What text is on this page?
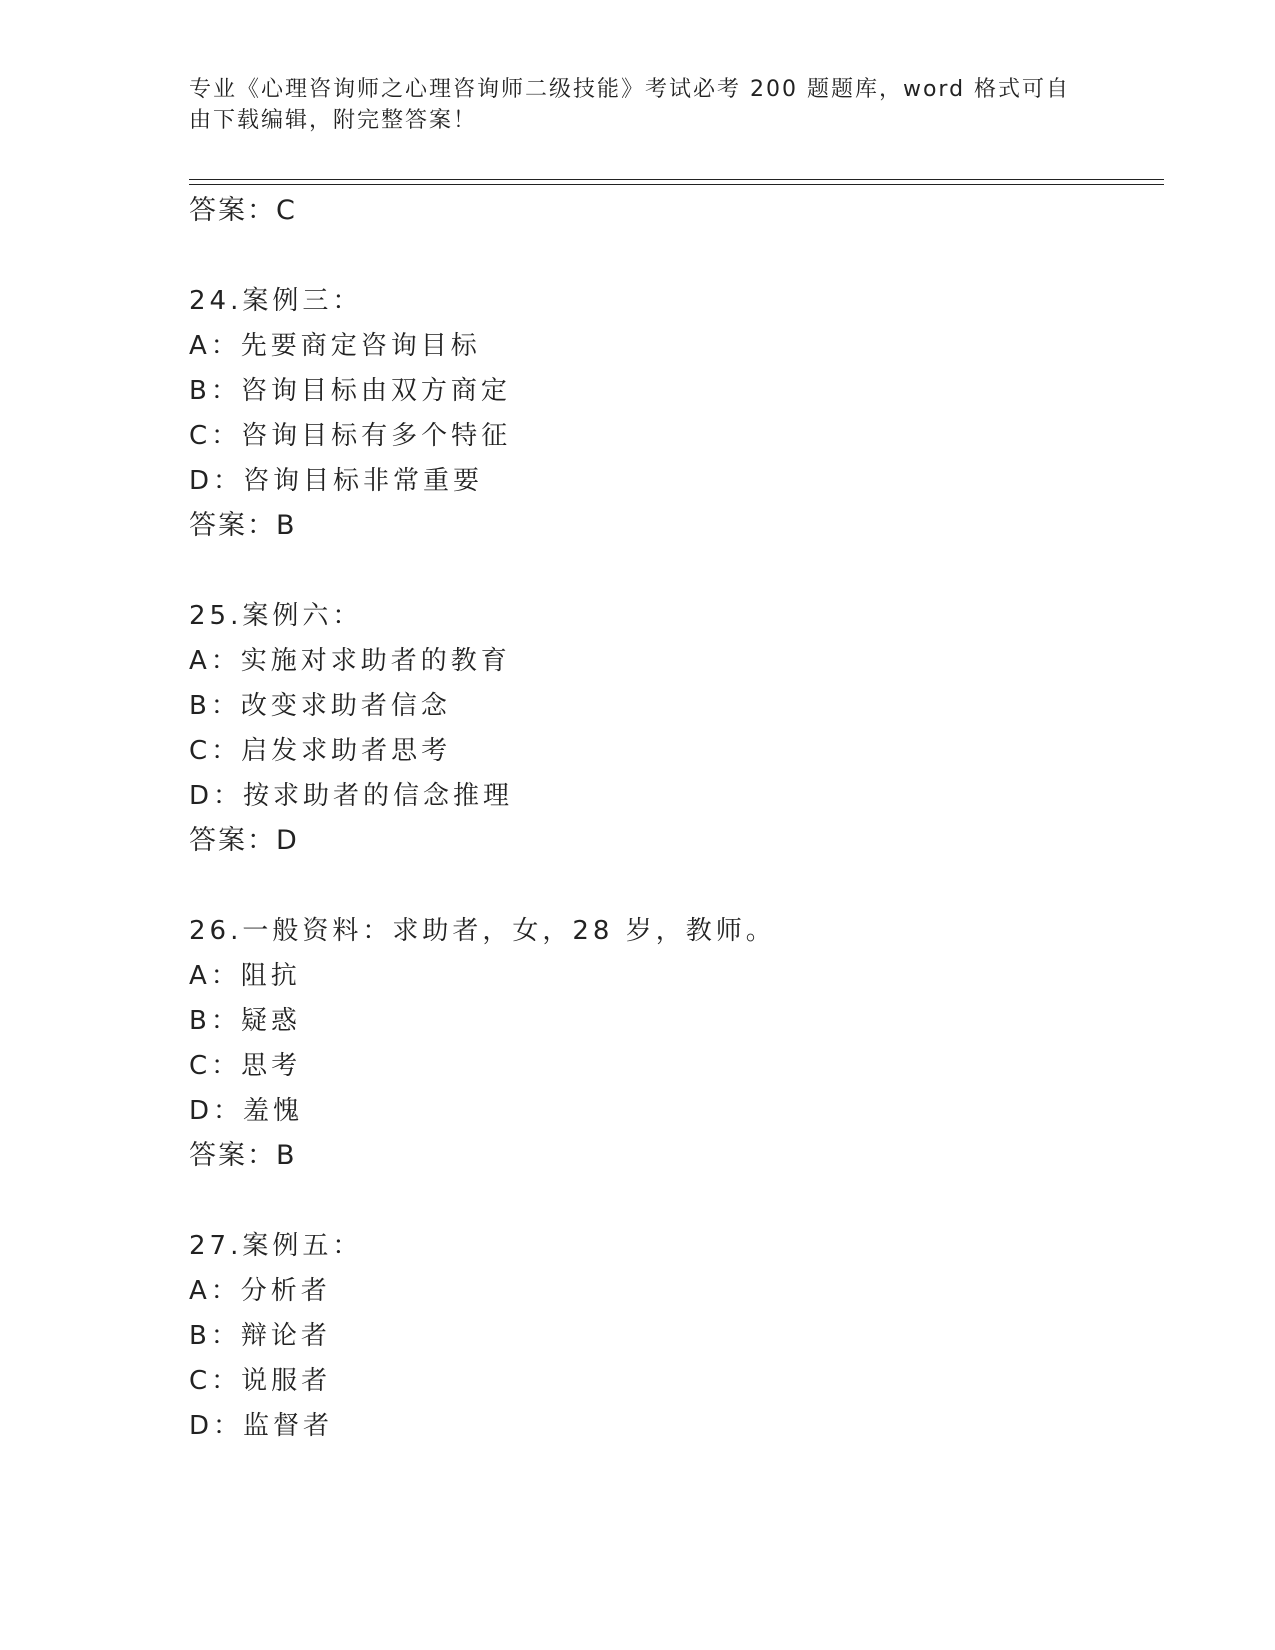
专业《心理咨询师之心理咨询师二级技能》考试必考 200 题题库，word 格式可自
由下载编辑，附完整答案！
答案：C
24.案例三：
A：先要商定咨询目标
B：咨询目标由双方商定
C：咨询目标有多个特征
D：咨询目标非常重要
答案：B
25.案例六：
A：实施对求助者的教育
B：改变求助者信念
C：启发求助者思考
D：按求助者的信念推理
答案：D
26.一般资料：求助者，女，28 岁，教师。
A：阻抗
B：疑惑
C：思考
D：羞愧
答案：B
27.案例五：
A：分析者
B：辩论者
C：说服者
D：监督者
